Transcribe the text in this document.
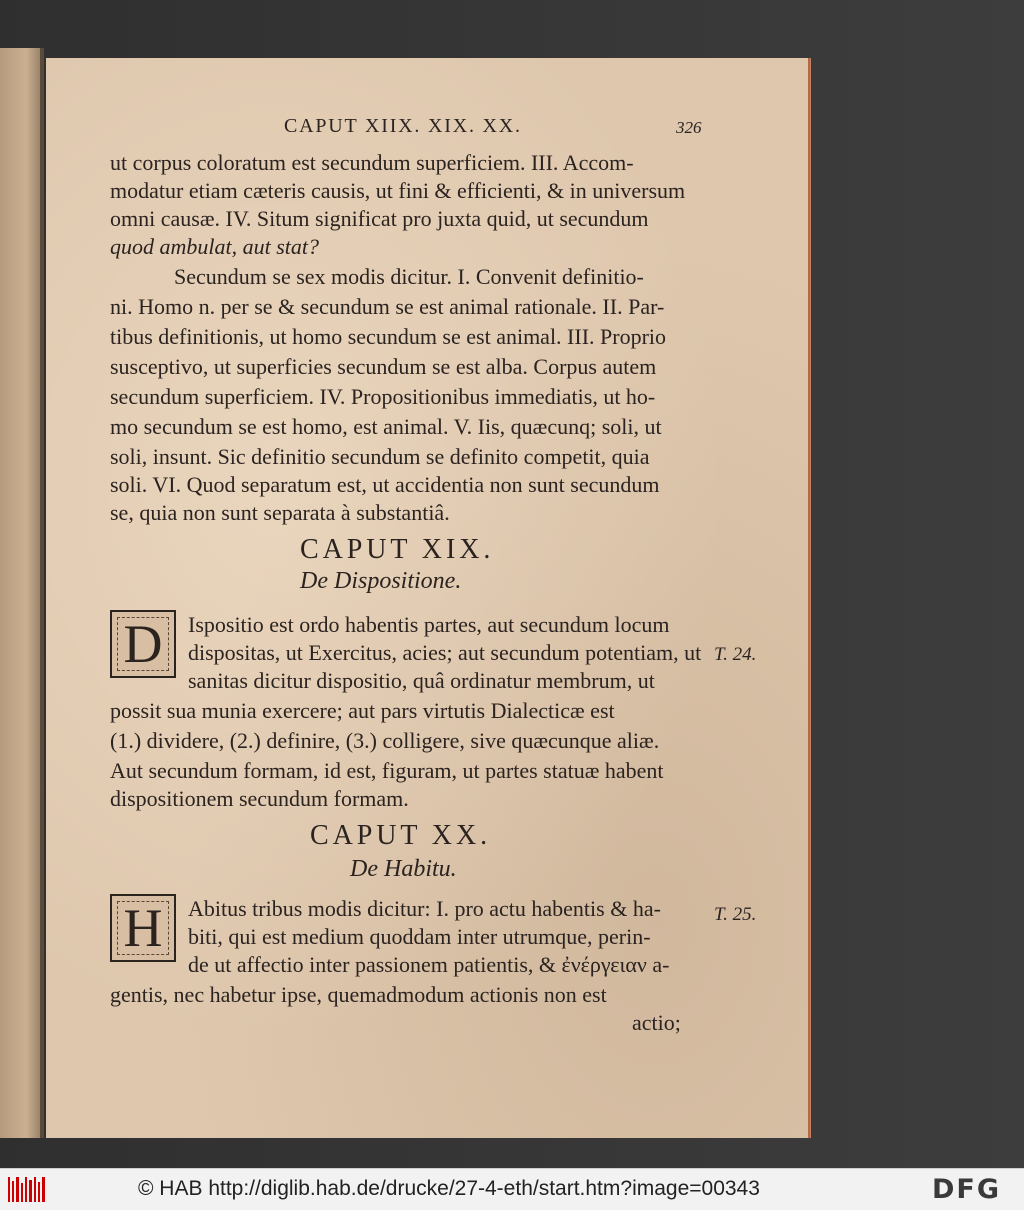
CAPUT XIIX. XIX. XX.	326
ut corpus coloratum est secundum superficiem. III. Accom-
modatur etiam cæteris causis, ut fini & efficienti, & in universum
omni causæ. IV. Situm significat pro juxta quid, ut secundum
quod ambulat, aut stat?
Secundum se sex modis dicitur. I. Convenit definitio-
ni. Homo n. per se & secundum se est animal rationale. II. Par-
tibus definitionis, ut homo secundum se est animal. III. Proprio
susceptivo, ut superficies secundum se est alba. Corpus autem
secundum superficiem. IV. Propositionibus immediatis, ut ho-
mo secundum se est homo, est animal. V. Iis, quæcunq; soli, ut
soli, insunt. Sic definitio secundum se definito competit, quia
soli. VI. Quod separatum est, ut accidentia non sunt secundum
se, quia non sunt separata à substantiâ.
CAPUT XIX.
De Dispositione.
D	Ispositio est ordo habentis partes, aut secundum locum
dispositas, ut Exercitus, acies; aut secundum potentiam, ut
sanitas dicitur dispositio, quâ ordinatur membrum, ut
possit sua munia exercere; aut pars virtutis Dialecticæ est
(1.) dividere, (2.) definire, (3.) colligere, sive quæcunque aliæ.
Aut secundum formam, id est, figuram, ut partes statuæ habent
dispositionem secundum formam.
T. 24.
CAPUT XX.
De Habitu.
H	Abitus tribus modis dicitur: I. pro actu habentis & ha-
biti, qui est medium quoddam inter utrumque, perin-
de ut affectio inter passionem patientis, & ἐνέργειαν a-
gentis, nec habetur ipse, quemadmodum actionis non est
actio;
T. 25.
© HAB http://diglib.hab.de/drucke/27-4-eth/start.htm?image=00343	DFG
